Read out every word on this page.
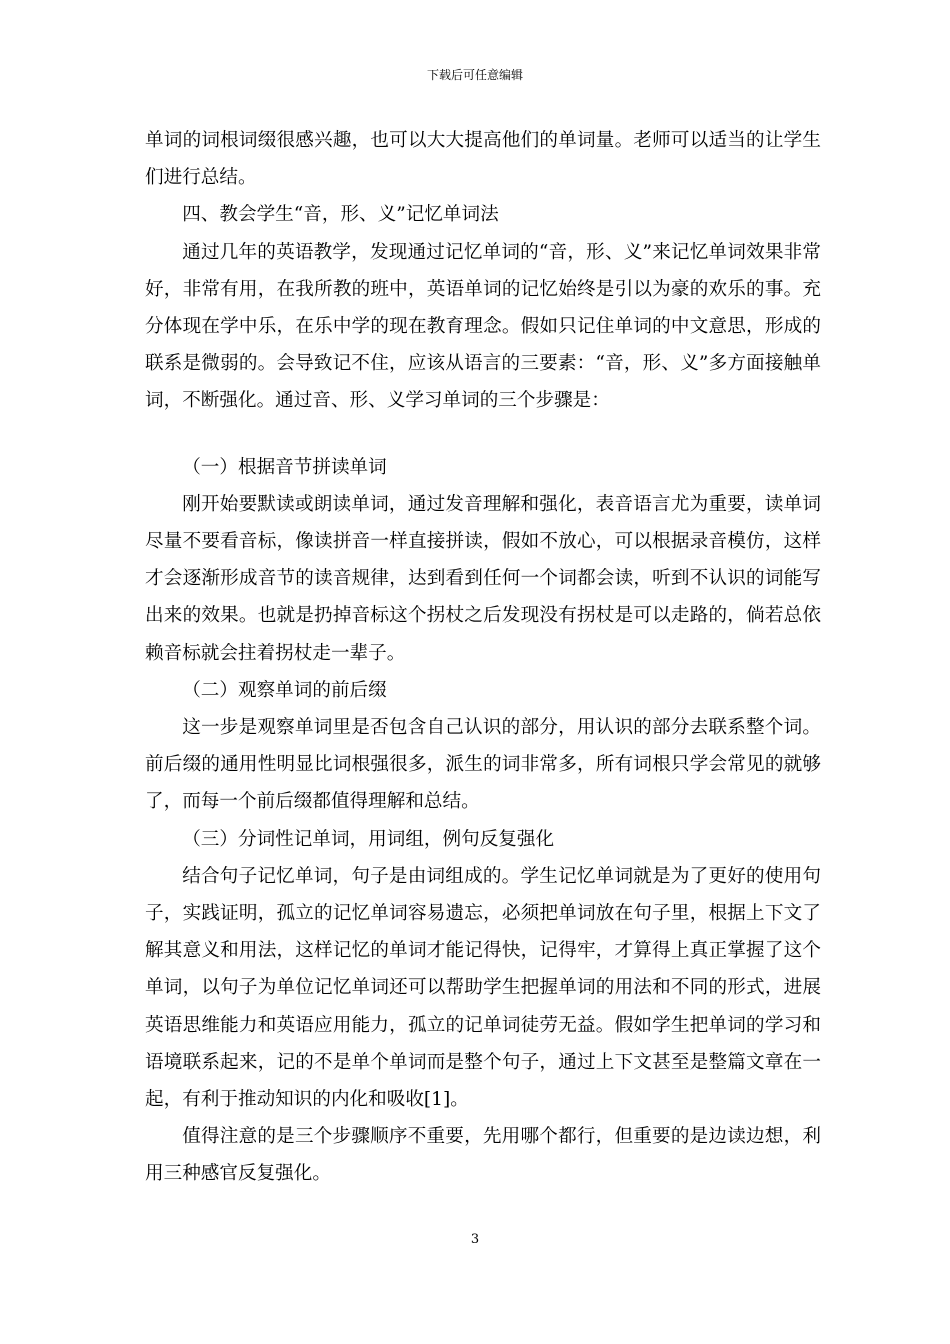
下载后可任意编辑

单词的词根词缀很感兴趣，也可以大大提高他们的单词量。老师可以适当的让学生们进行总结。

四、教会学生“音，形、义”记忆单词法

通过几年的英语教学，发现通过记忆单词的“音，形、义”来记忆单词效果非常好，非常有用，在我所教的班中，英语单词的记忆始终是引以为豪的欢乐的事。充分体现在学中乐，在乐中学的现在教育理念。假如只记住单词的中文意思，形成的联系是微弱的。会导致记不住，应该从语言的三要素：“音，形、义”多方面接触单词，不断强化。通过音、形、义学习单词的三个步骤是：

（一）根据音节拼读单词

刚开始要默读或朗读单词，通过发音理解和强化，表音语言尤为重要，读单词尽量不要看音标，像读拼音一样直接拼读，假如不放心，可以根据录音模仿，这样才会逐渐形成音节的读音规律，达到看到任何一个词都会读，听到不认识的词能写出来的效果。也就是扔掉音标这个拐杖之后发现没有拐杖是可以走路的，倘若总依赖音标就会拄着拐杖走一辈子。

（二）观察单词的前后缀

这一步是观察单词里是否包含自己认识的部分，用认识的部分去联系整个词。前后缀的通用性明显比词根强很多，派生的词非常多，所有词根只学会常见的就够了，而每一个前后缀都值得理解和总结。

（三）分词性记单词，用词组，例句反复强化

结合句子记忆单词，句子是由词组成的。学生记忆单词就是为了更好的使用句子，实践证明，孤立的记忆单词容易遗忘，必须把单词放在句子里，根据上下文了解其意义和用法，这样记忆的单词才能记得快，记得牢，才算得上真正掌握了这个单词，以句子为单位记忆单词还可以帮助学生把握单词的用法和不同的形式，进展英语思维能力和英语应用能力，孤立的记单词徒劳无益。假如学生把单词的学习和语境联系起来，记的不是单个单词而是整个句子，通过上下文甚至是整篇文章在一起，有利于推动知识的内化和吸收[1]。

值得注意的是三个步骤顺序不重要，先用哪个都行，但重要的是边读边想，利用三种感官反复强化。

3
